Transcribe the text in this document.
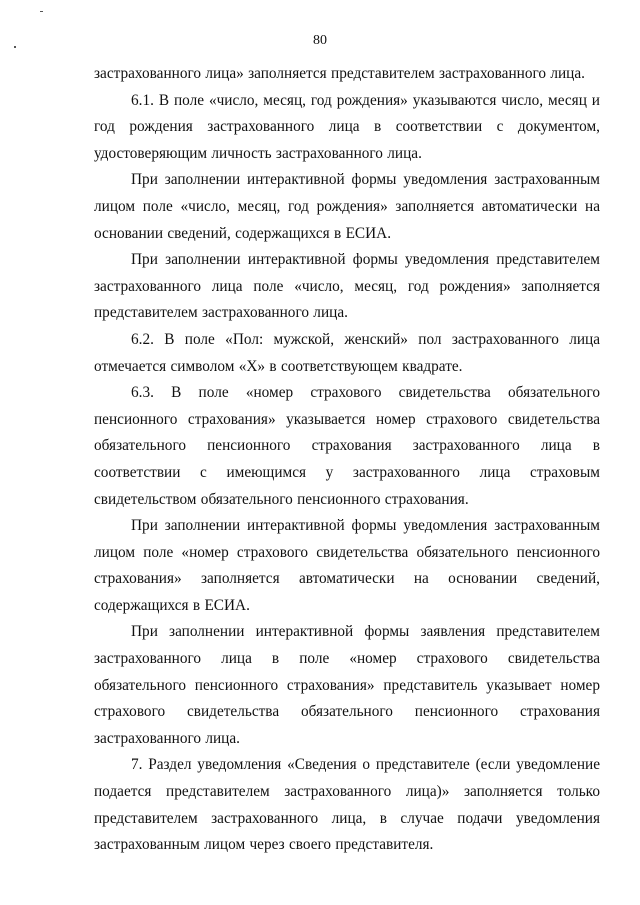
80

застрахованного лица» заполняется представителем застрахованного лица.

6.1. В поле «число, месяц, год рождения» указываются число, месяц и год рождения застрахованного лица в соответствии с документом, удостоверяющим личность застрахованного лица.

При заполнении интерактивной формы уведомления застрахованным лицом поле «число, месяц, год рождения» заполняется автоматически на основании сведений, содержащихся в ЕСИА.

При заполнении интерактивной формы уведомления представителем застрахованного лица поле «число, месяц, год рождения» заполняется представителем застрахованного лица.

6.2. В поле «Пол: мужской, женский» пол застрахованного лица отмечается символом «Х» в соответствующем квадрате.

6.3. В поле «номер страхового свидетельства обязательного пенсионного страхования» указывается номер страхового свидетельства обязательного пенсионного страхования застрахованного лица в соответствии с имеющимся у застрахованного лица страховым свидетельством обязательного пенсионного страхования.

При заполнении интерактивной формы уведомления застрахованным лицом поле «номер страхового свидетельства обязательного пенсионного страхования» заполняется автоматически на основании сведений, содержащихся в ЕСИА.

При заполнении интерактивной формы заявления представителем застрахованного лица в поле «номер страхового свидетельства обязательного пенсионного страхования» представитель указывает номер страхового свидетельства обязательного пенсионного страхования застрахованного лица.

7. Раздел уведомления «Сведения о представителе (если уведомление подается представителем застрахованного лица)» заполняется только представителем застрахованного лица, в случае подачи уведомления застрахованным лицом через своего представителя.
